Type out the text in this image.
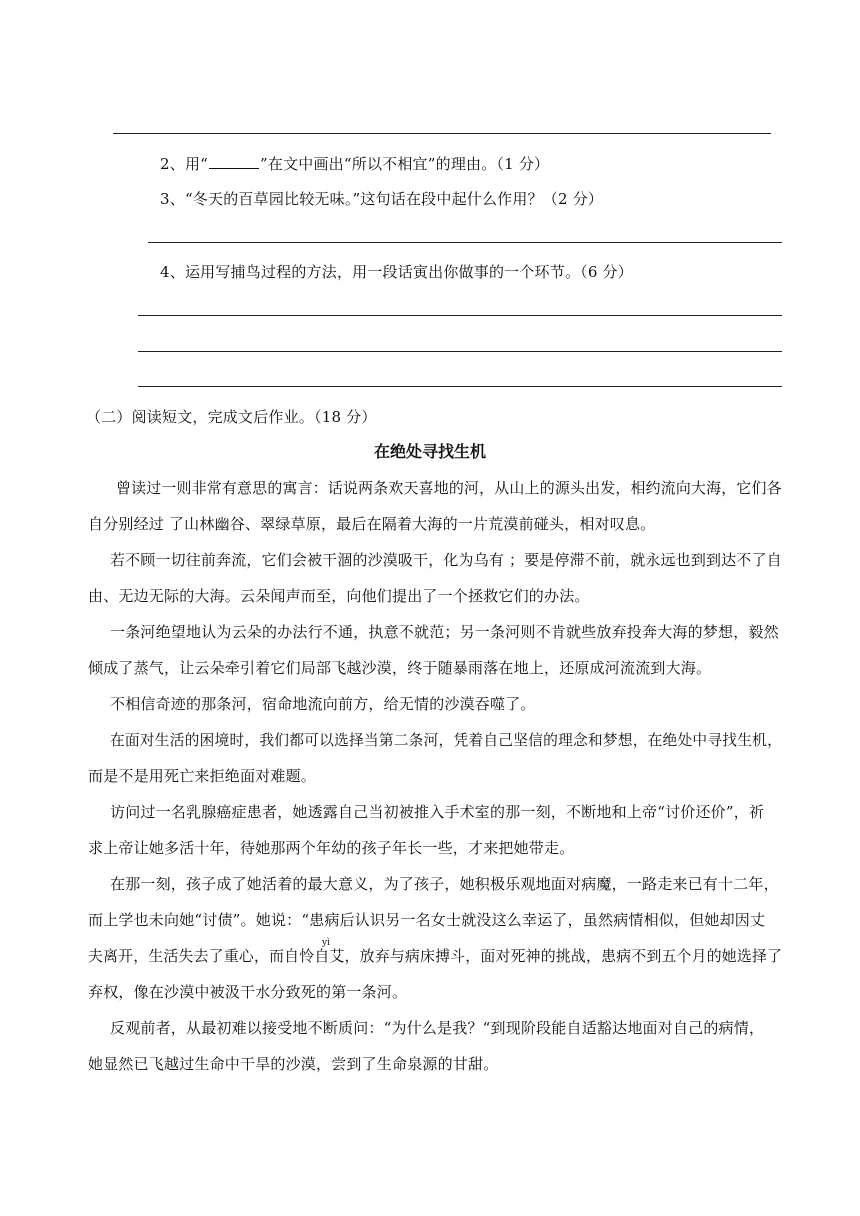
2、用“	”在文中画出“所以不相宜”的理由。（1 分）
3、“冬天的百草园比较无味。”这句话在段中起什么作用？（2 分）
4、运用写捕鸟过程的方法，用一段话寅出你做事的一个环节。（6 分）
（二）阅读短文，完成文后作业。（18 分）
在绝处寻找生机
曾读过一则非常有意思的寓言：话说两条欢天喜地的河，从山上的源头出发，相约流向大海，它们各
自分别经过 了山林幽谷、翠绿草原，最后在隔着大海的一片荒漠前碰头，相对叹息。
若不顾一切往前奔流，它们会被干涸的沙漠吸干，化为乌有 ；要是停滞不前，就永远也到到达不了自
由、无边无际的大海。云朵闻声而至，向他们提出了一个拯救它们的办法。
一条河绝望地认为云朵的办法行不通，执意不就范；另一条河则不肯就些放弃投奔大海的梦想，毅然
倾成了蒸气，让云朵牵引着它们局部飞越沙漠，终于随暴雨落在地上，还原成河流流到大海。
不相信奇迹的那条河，宿命地流向前方，给无情的沙漠吞噬了。
在面对生活的困境时，我们都可以选择当第二条河，凭着自己坚信的理念和梦想，在绝处中寻找生机，
而是不是用死亡来拒绝面对难题。
访问过一名乳腺癌症患者，她透露自己当初被推入手术室的那一刻，不断地和上帝“讨价还价”，祈
求上帝让她多活十年，待她那两个年幼的孩子年长一些，才来把她带走。
在那一刻，孩子成了她活着的最大意义，为了孩子，她积极乐观地面对病魔，一路走来已有十二年，
而上学也未向她“讨债”。她说：“患病后认识另一名女士就没这么幸运了，虽然病情相似，但她却因丈
yì
夫离开，生活失去了重心，而自怜自艾，放弃与病床搏斗，面对死神的挑战，患病不到五个月的她选择了
弃权，像在沙漠中被汲干水分致死的第一条河。
反观前者，从最初难以接受地不断质问：“为什么是我？“到现阶段能自适豁达地面对自己的病情，
她显然已飞越过生命中干旱的沙漠，尝到了生命泉源的甘甜。
